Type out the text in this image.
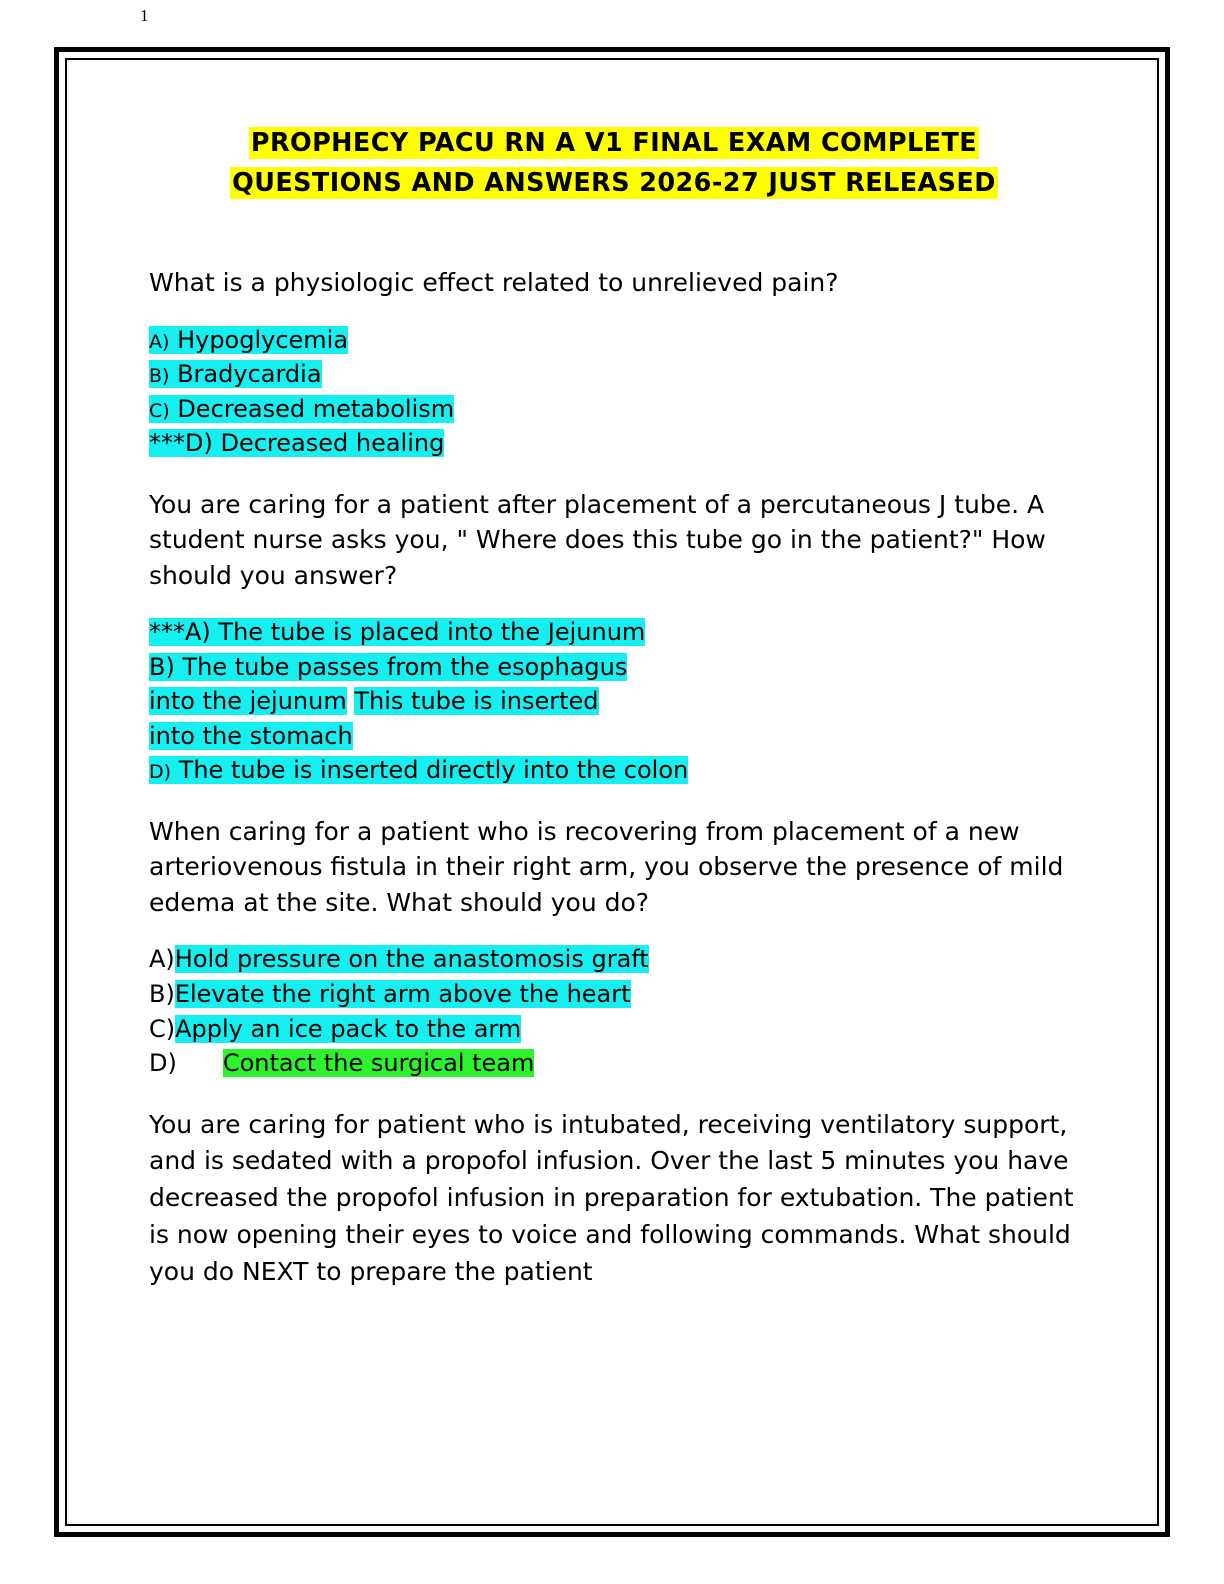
1
PROPHECY PACU RN A V1 FINAL EXAM COMPLETE
QUESTIONS AND ANSWERS 2026-27 JUST RELEASED
What is a physiologic effect related to unrelieved pain?
A) Hypoglycemia
B) Bradycardia
C) Decreased metabolism
***D) Decreased healing
You are caring for a patient after placement of a percutaneous J tube. A student nurse asks you, " Where does this tube go in the patient?" How should you answer?
***A) The tube is placed into the Jejunum
B) The tube passes from the esophagus
into the jejunum This tube is inserted
into the stomach
D) The tube is inserted directly into the colon
When caring for a patient who is recovering from placement of a new arteriovenous fistula in their right arm, you observe the presence of mild edema at the site. What should you do?
A)Hold pressure on the anastomosis graft
B)Elevate the right arm above the heart
C)Apply an ice pack to the arm
D) Contact the surgical team
You are caring for patient who is intubated, receiving ventilatory support, and is sedated with a propofol infusion. Over the last 5 minutes you have decreased the propofol infusion in preparation for extubation. The patient is now opening their eyes to voice and following commands. What should you do NEXT to prepare the patient
